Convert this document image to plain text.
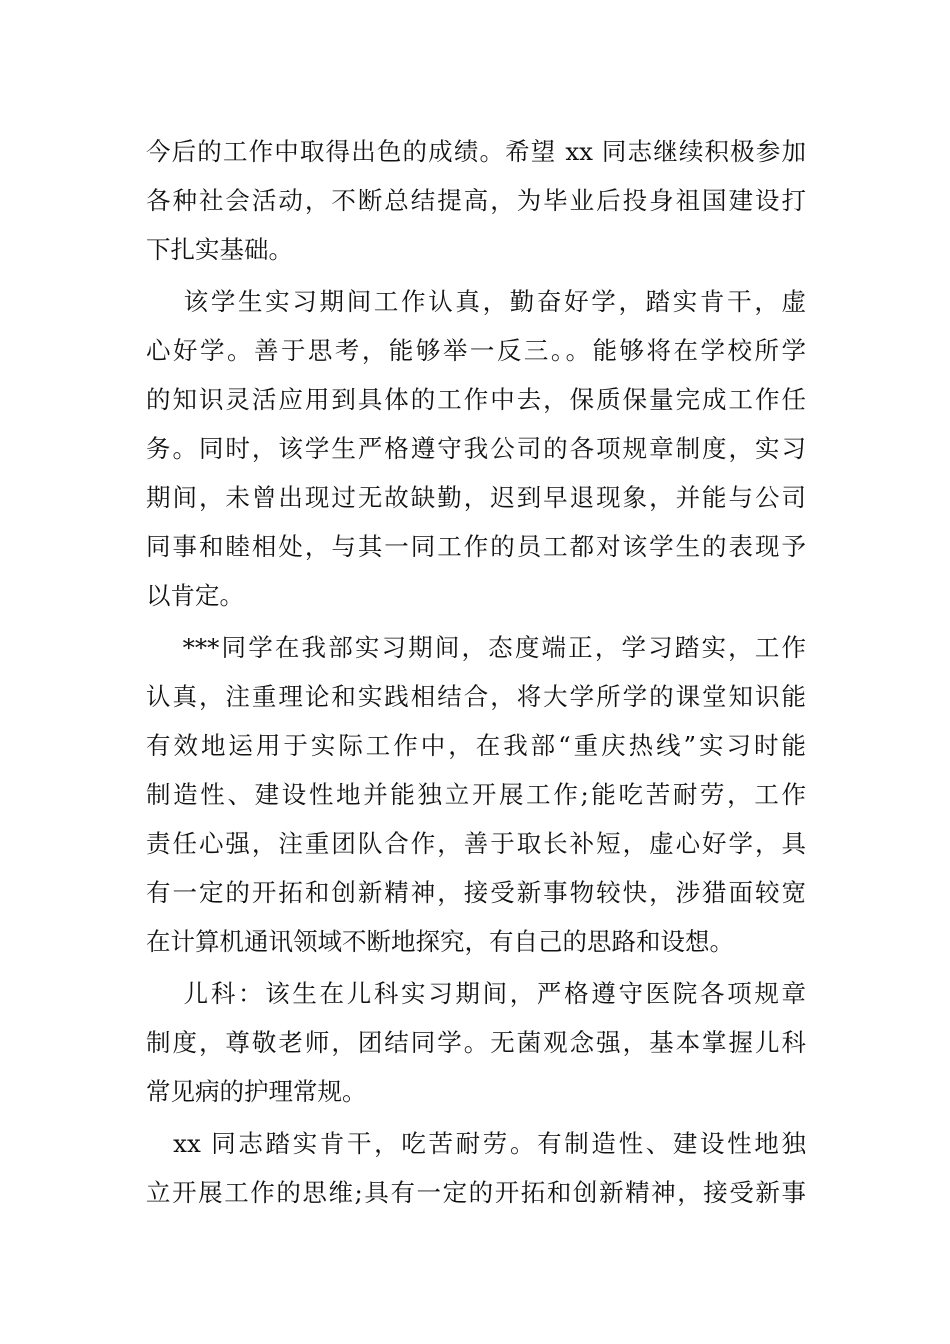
今后的工作中取得出色的成绩。希望 xx 同志继续积极参加
各种社会活动，不断总结提高，为毕业后投身祖国建设打
下扎实基础。
　 该学生实习期间工作认真，勤奋好学，踏实肯干，虚
心好学。善于思考，能够举一反三。。能够将在学校所学
的知识灵活应用到具体的工作中去，保质保量完成工作任
务。同时，该学生严格遵守我公司的各项规章制度，实习
期间，未曾出现过无故缺勤，迟到早退现象，并能与公司
同事和睦相处，与其一同工作的员工都对该学生的表现予
以肯定。
　 ***同学在我部实习期间，态度端正，学习踏实，工作
认真，注重理论和实践相结合，将大学所学的课堂知识能
有效地运用于实际工作中，在我部“重庆热线”实习时能
制造性、建设性地并能独立开展工作;能吃苦耐劳，工作
责任心强，注重团队合作，善于取长补短，虚心好学，具
有一定的开拓和创新精神，接受新事物较快，涉猎面较宽
在计算机通讯领域不断地探究，有自己的思路和设想。
　 儿科：该生在儿科实习期间，严格遵守医院各项规章
制度，尊敬老师，团结同学。无菌观念强，基本掌握儿科
常见病的护理常规。
　xx 同志踏实肯干，吃苦耐劳。有制造性、建设性地独
立开展工作的思维;具有一定的开拓和创新精神，接受新事
